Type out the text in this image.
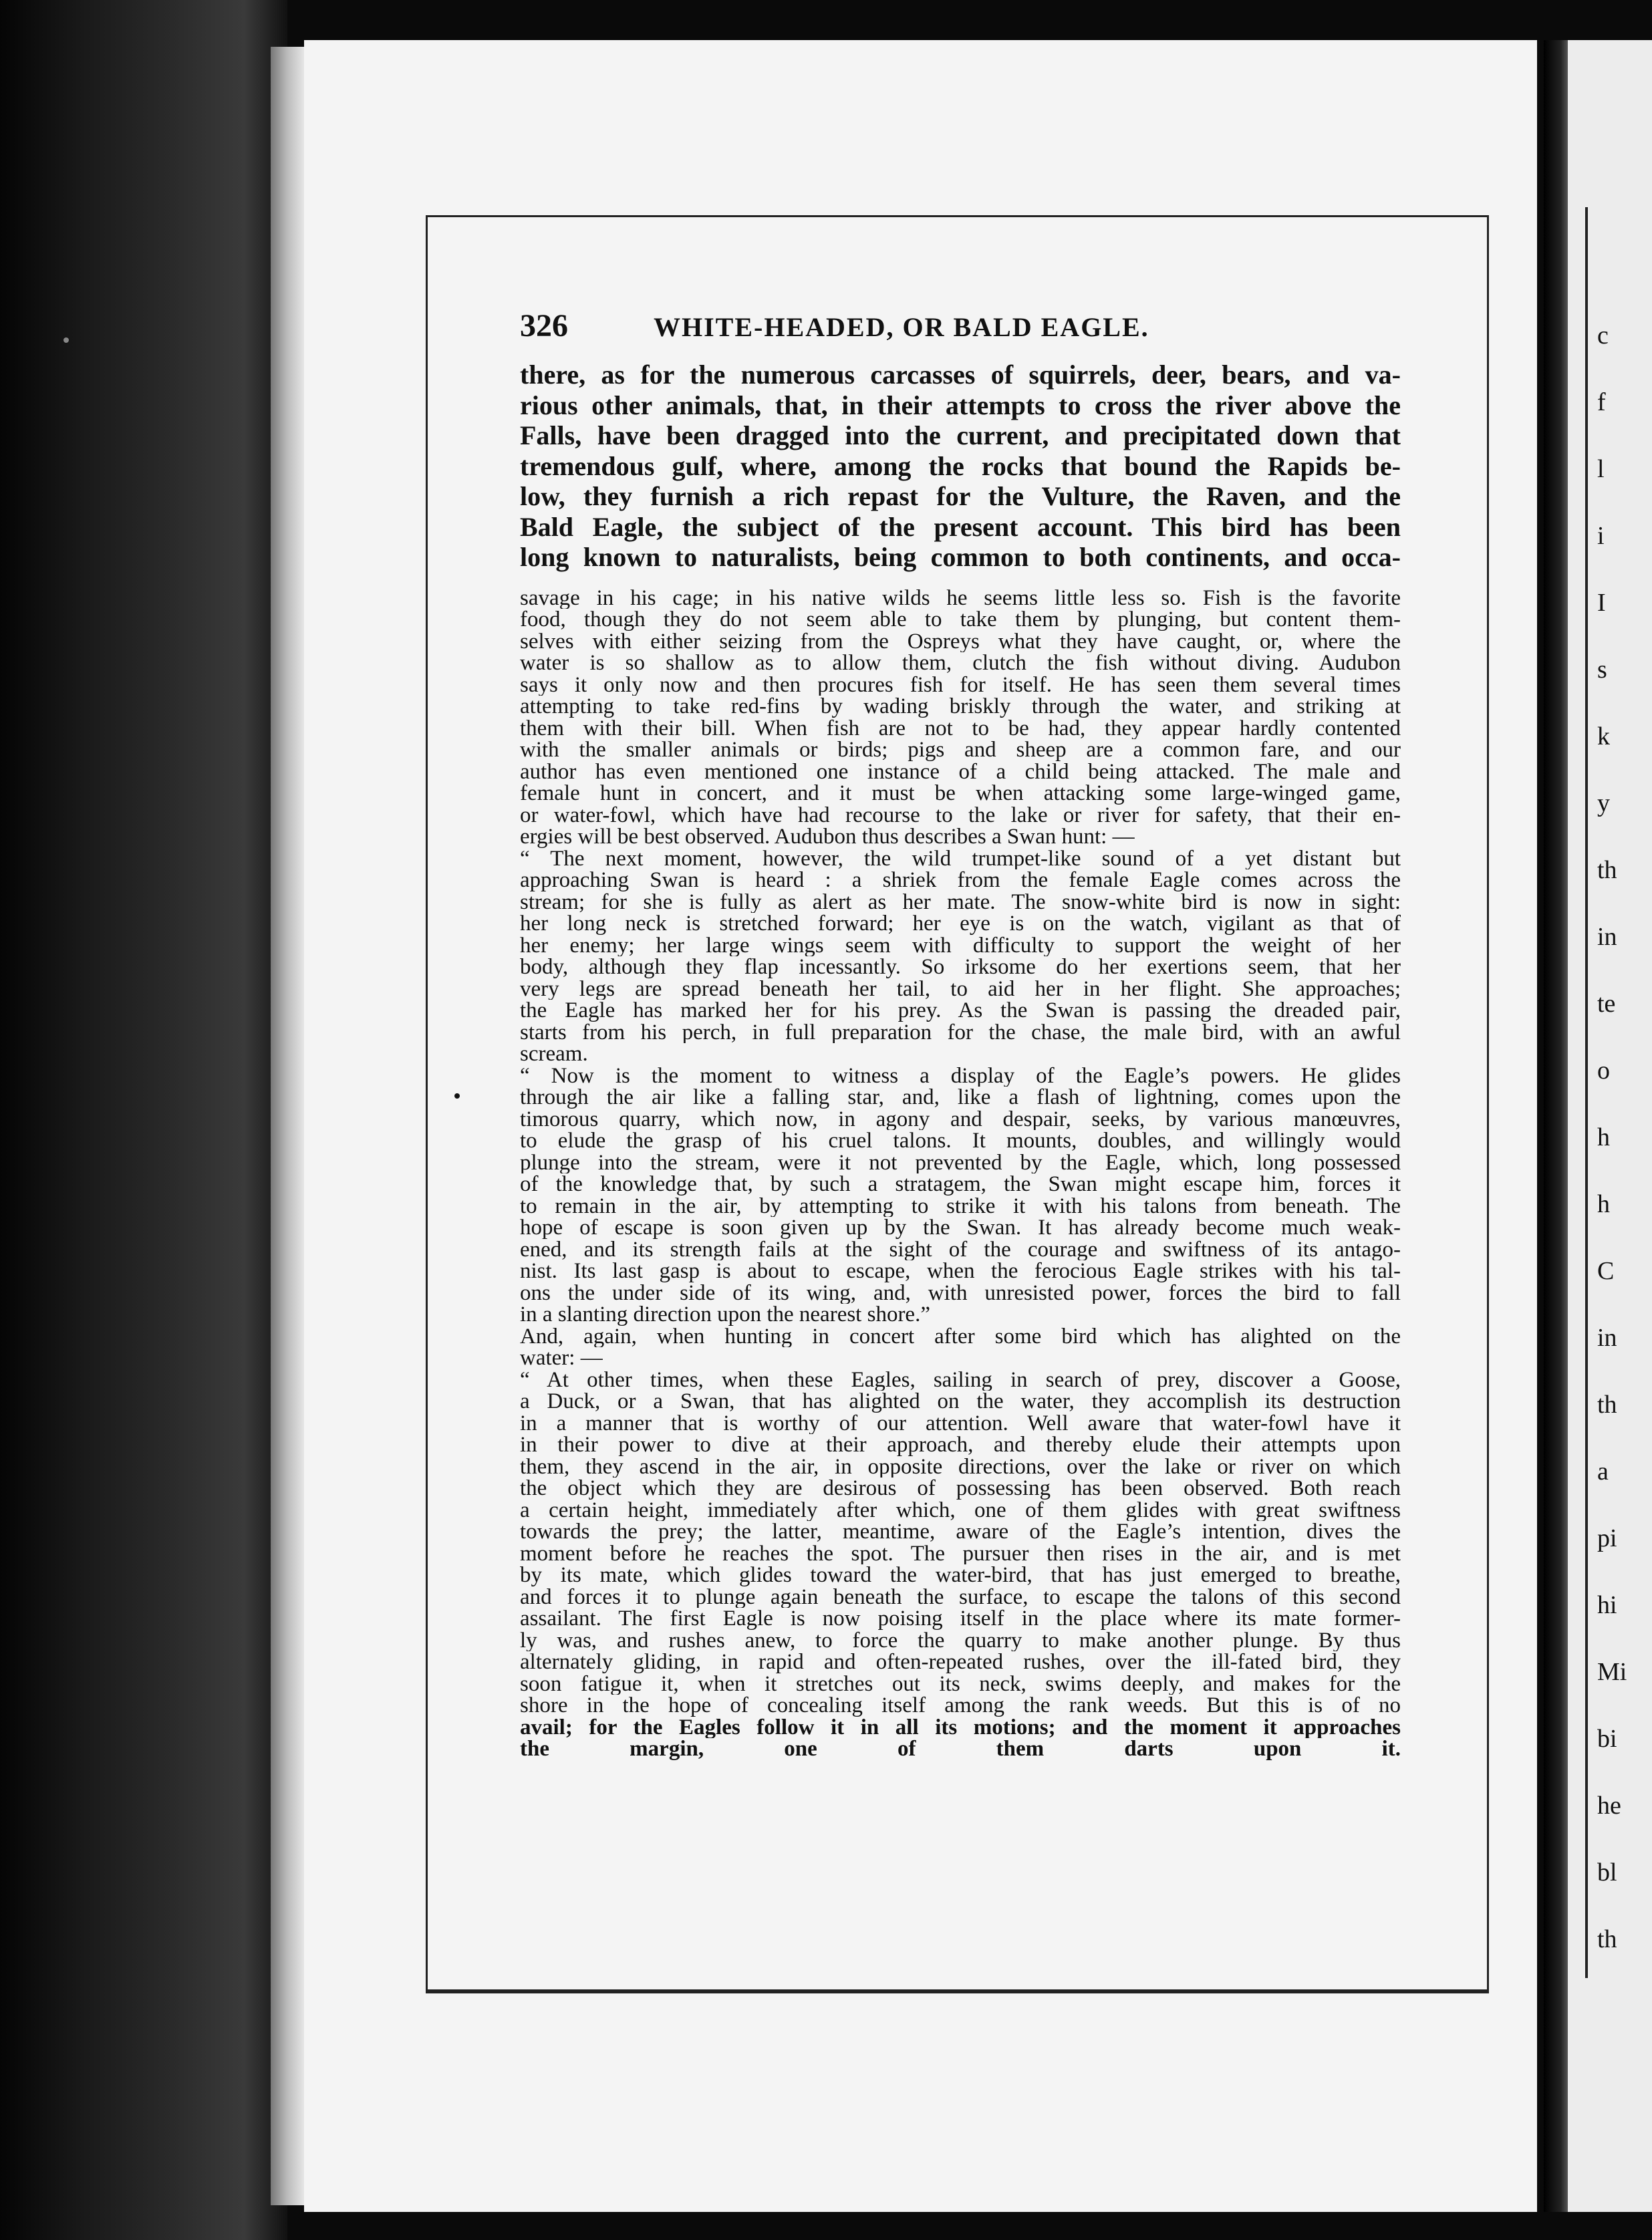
th
bl
he
bi
Mi
hi
pi
a
th
in
C
h
h
o
te
in
th
y
k
s
I
i
l
f
c
326	WHITE-HEADED, OR BALD EAGLE.
there, as for the numerous carcasses of squirrels, deer, bears, and va-
rious other animals, that, in their attempts to cross the river above the
Falls, have been dragged into the current, and precipitated down that
tremendous gulf, where, among the rocks that bound the Rapids be-
low, they furnish a rich repast for the Vulture, the Raven, and the
Bald Eagle, the subject of the present account. This bird has been
long known to naturalists, being common to both continents, and occa-
savage in his cage; in his native wilds he seems little less so. Fish is the favorite
food, though they do not seem able to take them by plunging, but content them-
selves with either seizing from the Ospreys what they have caught, or, where the
water is so shallow as to allow them, clutch the fish without diving. Audubon
says it only now and then procures fish for itself. He has seen them several times
attempting to take red-fins by wading briskly through the water, and striking at
them with their bill. When fish are not to be had, they appear hardly contented
with the smaller animals or birds; pigs and sheep are a common fare, and our
author has even mentioned one instance of a child being attacked. The male and
female hunt in concert, and it must be when attacking some large-winged game,
or water-fowl, which have had recourse to the lake or river for safety, that their en-
ergies will be best observed. Audubon thus describes a Swan hunt: —
“ The next moment, however, the wild trumpet-like sound of a yet distant but
approaching Swan is heard : a shriek from the female Eagle comes across the
stream; for she is fully as alert as her mate. The snow-white bird is now in sight:
her long neck is stretched forward; her eye is on the watch, vigilant as that of
her enemy; her large wings seem with difficulty to support the weight of her
body, although they flap incessantly. So irksome do her exertions seem, that her
very legs are spread beneath her tail, to aid her in her flight. She approaches;
the Eagle has marked her for his prey. As the Swan is passing the dreaded pair,
starts from his perch, in full preparation for the chase, the male bird, with an awful
scream.
“ Now is the moment to witness a display of the Eagle’s powers. He glides
through the air like a falling star, and, like a flash of lightning, comes upon the
timorous quarry, which now, in agony and despair, seeks, by various manœuvres,
to elude the grasp of his cruel talons. It mounts, doubles, and willingly would
plunge into the stream, were it not prevented by the Eagle, which, long possessed
of the knowledge that, by such a stratagem, the Swan might escape him, forces it
to remain in the air, by attempting to strike it with his talons from beneath. The
hope of escape is soon given up by the Swan. It has already become much weak-
ened, and its strength fails at the sight of the courage and swiftness of its antago-
nist. Its last gasp is about to escape, when the ferocious Eagle strikes with his tal-
ons the under side of its wing, and, with unresisted power, forces the bird to fall
in a slanting direction upon the nearest shore.”
And, again, when hunting in concert after some bird which has alighted on the
water: —
“ At other times, when these Eagles, sailing in search of prey, discover a Goose,
a Duck, or a Swan, that has alighted on the water, they accomplish its destruction
in a manner that is worthy of our attention. Well aware that water-fowl have it
in their power to dive at their approach, and thereby elude their attempts upon
them, they ascend in the air, in opposite directions, over the lake or river on which
the object which they are desirous of possessing has been observed. Both reach
a certain height, immediately after which, one of them glides with great swiftness
towards the prey; the latter, meantime, aware of the Eagle’s intention, dives the
moment before he reaches the spot. The pursuer then rises in the air, and is met
by its mate, which glides toward the water-bird, that has just emerged to breathe,
and forces it to plunge again beneath the surface, to escape the talons of this second
assailant. The first Eagle is now poising itself in the place where its mate former-
ly was, and rushes anew, to force the quarry to make another plunge. By thus
alternately gliding, in rapid and often-repeated rushes, over the ill-fated bird, they
soon fatigue it, when it stretches out its neck, swims deeply, and makes for the
shore in the hope of concealing itself among the rank weeds. But this is of no
avail; for the Eagles follow it in all its motions; and the moment it approaches
the margin, one of them darts upon it.
